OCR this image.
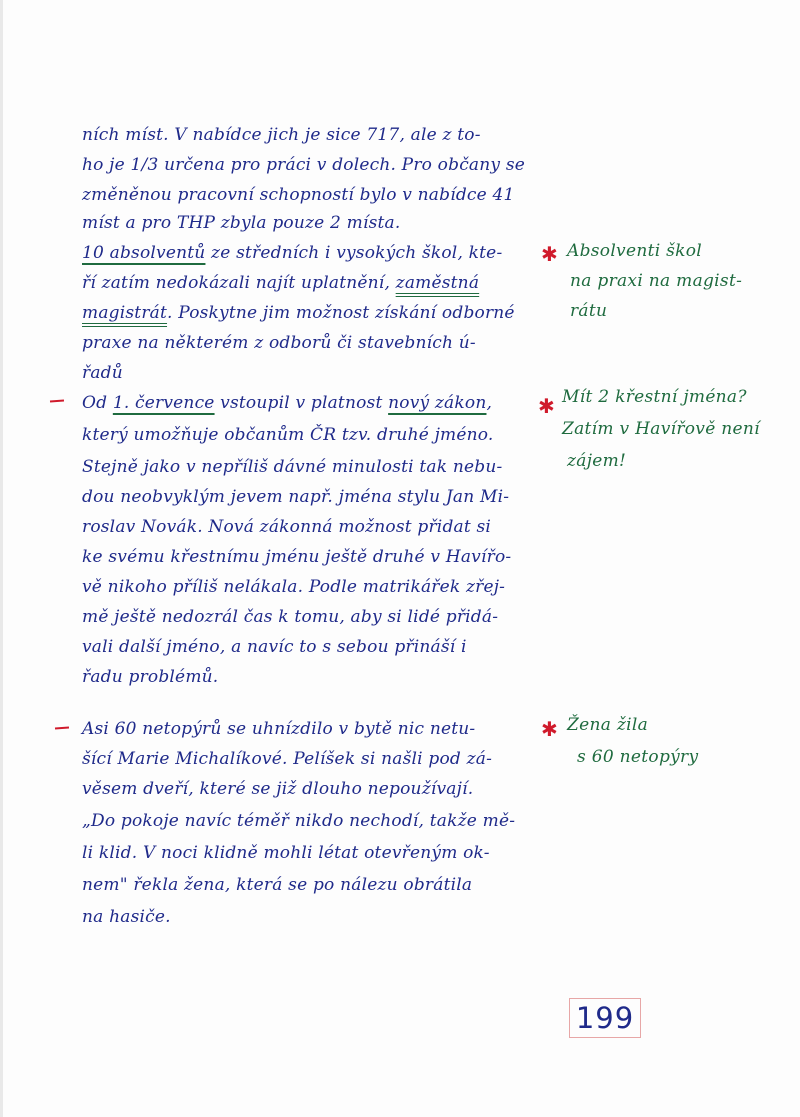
ních míst. V nabídce jich je sice 717, ale z to-
ho je 1/3 určena pro práci v dolech. Pro občany se
změněnou pracovní schopností bylo v nabídce 41
míst a pro THP zbyla pouze 2 místa.
10 absolventů ze středních i vysokých škol, kte-
ří zatím nedokázali najít uplatnění, zaměstná
magistrát. Poskytne jim možnost získání odborné
praxe na některém z odborů či stavebních ú-
řadů
Od 1. července vstoupil v platnost nový zákon,
který umožňuje občanům ČR tzv. druhé jméno.
Stejně jako v nepříliš dávné minulosti tak nebu-
dou neobvyklým jevem např. jména stylu Jan Mi-
roslav Novák. Nová zákonná možnost přidat si
ke svému křestnímu jménu ještě druhé v Havířo-
vě nikoho příliš nelákala. Podle matrikářek zřej-
mě ještě nedozrál čas k tomu, aby si lidé přidá-
vali další jméno, a navíc to s sebou přináší i
řadu problémů.
Asi 60 netopýrů se uhnízdilo v bytě nic netu-
šící Marie Michalíkové. Pelíšek si našli pod zá-
věsem dveří, které se již dlouho nepoužívají.
„Do pokoje navíc téměř nikdo nechodí, takže mě-
li klid. V noci klidně mohli létat otevřeným ok-
nem" řekla žena, která se po nálezu obrátila
na hasiče.
✱ Absolventi škol
na praxi na magist-
rátu
✱ Mít 2 křestní jména?
Zatím v Havířově není
zájem!
✱ Žena žila
s 60 netopýry
199
